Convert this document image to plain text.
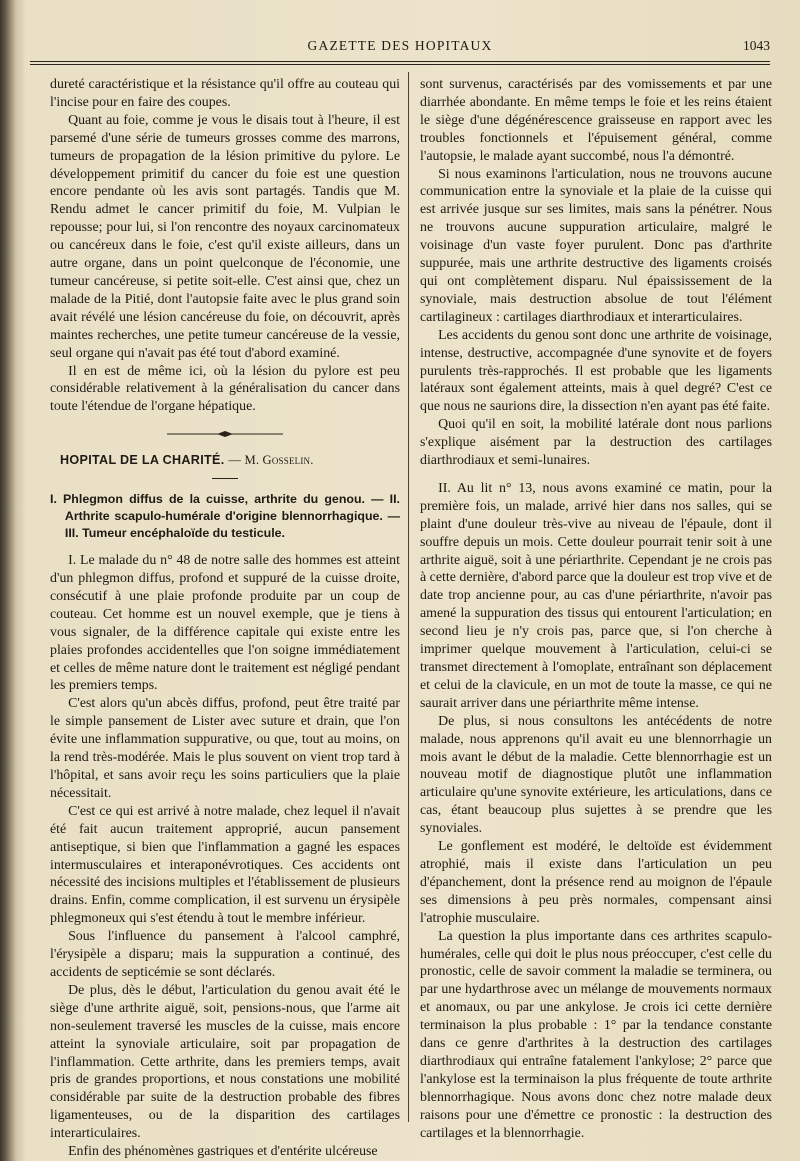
GAZETTE DES HOPITAUX	1043

dureté caractéristique et la résistance qu'il offre au couteau qui l'incise pour en faire des coupes.

Quant au foie, comme je vous le disais tout à l'heure, il est parsemé d'une série de tumeurs grosses comme des marrons, tumeurs de propagation de la lésion primitive du pylore. Le développement primitif du cancer du foie est une question encore pendante où les avis sont partagés. Tandis que M. Rendu admet le cancer primitif du foie, M. Vulpian le repousse; pour lui, si l'on rencontre des noyaux carcinomateux ou cancéreux dans le foie, c'est qu'il existe ailleurs, dans un autre organe, dans un point quelconque de l'économie, une tumeur cancéreuse, si petite soit-elle. C'est ainsi que, chez un malade de la Pitié, dont l'autopsie faite avec le plus grand soin avait révélé une lésion cancéreuse du foie, on découvrit, après maintes recherches, une petite tumeur cancéreuse de la vessie, seul organe qui n'avait pas été tout d'abord examiné.

Il en est de même ici, où la lésion du pylore est peu considérable relativement à la généralisation du cancer dans toute l'étendue de l'organe hépatique.

HOPITAL DE LA CHARITÉ. — M. Gosselin.

I. Phlegmon diffus de la cuisse, arthrite du genou. — II. Arthrite scapulo-humérale d'origine blennorrhagique. — III. Tumeur encéphaloïde du testicule.

I. Le malade du n° 48 de notre salle des hommes est atteint d'un phlegmon diffus, profond et suppuré de la cuisse droite, consécutif à une plaie profonde produite par un coup de couteau. Cet homme est un nouvel exemple, que je tiens à vous signaler, de la différence capitale qui existe entre les plaies profondes accidentelles que l'on soigne immédiatement et celles de même nature dont le traitement est négligé pendant les premiers temps.

C'est alors qu'un abcès diffus, profond, peut être traité par le simple pansement de Lister avec suture et drain, que l'on évite une inflammation suppurative, ou que, tout au moins, on la rend très-modérée. Mais le plus souvent on vient trop tard à l'hôpital, et sans avoir reçu les soins particuliers que la plaie nécessitait.

C'est ce qui est arrivé à notre malade, chez lequel il n'avait été fait aucun traitement approprié, aucun pansement antiseptique, si bien que l'inflammation a gagné les espaces intermusculaires et interaponévrotiques. Ces accidents ont nécessité des incisions multiples et l'établissement de plusieurs drains. Enfin, comme complication, il est survenu un érysipèle phlegmoneux qui s'est étendu à tout le membre inférieur.

Sous l'influence du pansement à l'alcool camphré, l'érysipèle a disparu; mais la suppuration a continué, des accidents de septicémie se sont déclarés.

De plus, dès le début, l'articulation du genou avait été le siège d'une arthrite aiguë, soit, pensions-nous, que l'arme ait non-seulement traversé les muscles de la cuisse, mais encore atteint la synoviale articulaire, soit par propagation de l'inflammation. Cette arthrite, dans les premiers temps, avait pris de grandes proportions, et nous constations une mobilité considérable par suite de la destruction probable des fibres ligamenteuses, ou de la disparition des cartilages interarticulaires.

Enfin des phénomènes gastriques et d'entérite ulcéreuse

sont survenus, caractérisés par des vomissements et par une diarrhée abondante. En même temps le foie et les reins étaient le siège d'une dégénérescence graisseuse en rapport avec les troubles fonctionnels et l'épuisement général, comme l'autopsie, le malade ayant succombé, nous l'a démontré.

Si nous examinons l'articulation, nous ne trouvons aucune communication entre la synoviale et la plaie de la cuisse qui est arrivée jusque sur ses limites, mais sans la pénétrer. Nous ne trouvons aucune suppuration articulaire, malgré le voisinage d'un vaste foyer purulent. Donc pas d'arthrite suppurée, mais une arthrite destructive des ligaments croisés qui ont complètement disparu. Nul épaississement de la synoviale, mais destruction absolue de tout l'élément cartilagineux : cartilages diarthrodiaux et interarticulaires.

Les accidents du genou sont donc une arthrite de voisinage, intense, destructive, accompagnée d'une synovite et de foyers purulents très-rapprochés. Il est probable que les ligaments latéraux sont également atteints, mais à quel degré? C'est ce que nous ne saurions dire, la dissection n'en ayant pas été faite.

Quoi qu'il en soit, la mobilité latérale dont nous parlions s'explique aisément par la destruction des cartilages diarthrodiaux et semi-lunaires.

II. Au lit n° 13, nous avons examiné ce matin, pour la première fois, un malade, arrivé hier dans nos salles, qui se plaint d'une douleur très-vive au niveau de l'épaule, dont il souffre depuis un mois. Cette douleur pourrait tenir soit à une arthrite aiguë, soit à une périarthrite. Cependant je ne crois pas à cette dernière, d'abord parce que la douleur est trop vive et de date trop ancienne pour, au cas d'une périarthrite, n'avoir pas amené la suppuration des tissus qui entourent l'articulation; en second lieu je n'y crois pas, parce que, si l'on cherche à imprimer quelque mouvement à l'articulation, celui-ci se transmet directement à l'omoplate, entraînant son déplacement et celui de la clavicule, en un mot de toute la masse, ce qui ne saurait arriver dans une périarthrite même intense.

De plus, si nous consultons les antécédents de notre malade, nous apprenons qu'il avait eu une blennorrhagie un mois avant le début de la maladie. Cette blennorrhagie est un nouveau motif de diagnostique plutôt une inflammation articulaire qu'une synovite extérieure, les articulations, dans ce cas, étant beaucoup plus sujettes à se prendre que les synoviales.

Le gonflement est modéré, le deltoïde est évidemment atrophié, mais il existe dans l'articulation un peu d'épanchement, dont la présence rend au moignon de l'épaule ses dimensions à peu près normales, compensant ainsi l'atrophie musculaire.

La question la plus importante dans ces arthrites scapulo-humérales, celle qui doit le plus nous préoccuper, c'est celle du pronostic, celle de savoir comment la maladie se terminera, ou par une hydarthrose avec un mélange de mouvements normaux et anomaux, ou par une ankylose. Je crois ici cette dernière terminaison la plus probable : 1° par la tendance constante dans ce genre d'arthrites à la destruction des cartilages diarthrodiaux qui entraîne fatalement l'ankylose; 2° parce que l'ankylose est la terminaison la plus fréquente de toute arthrite blennorrhagique. Nous avons donc chez notre malade deux raisons pour une d'émettre ce pronostic : la destruction des cartilages et la blennorrhagie.
